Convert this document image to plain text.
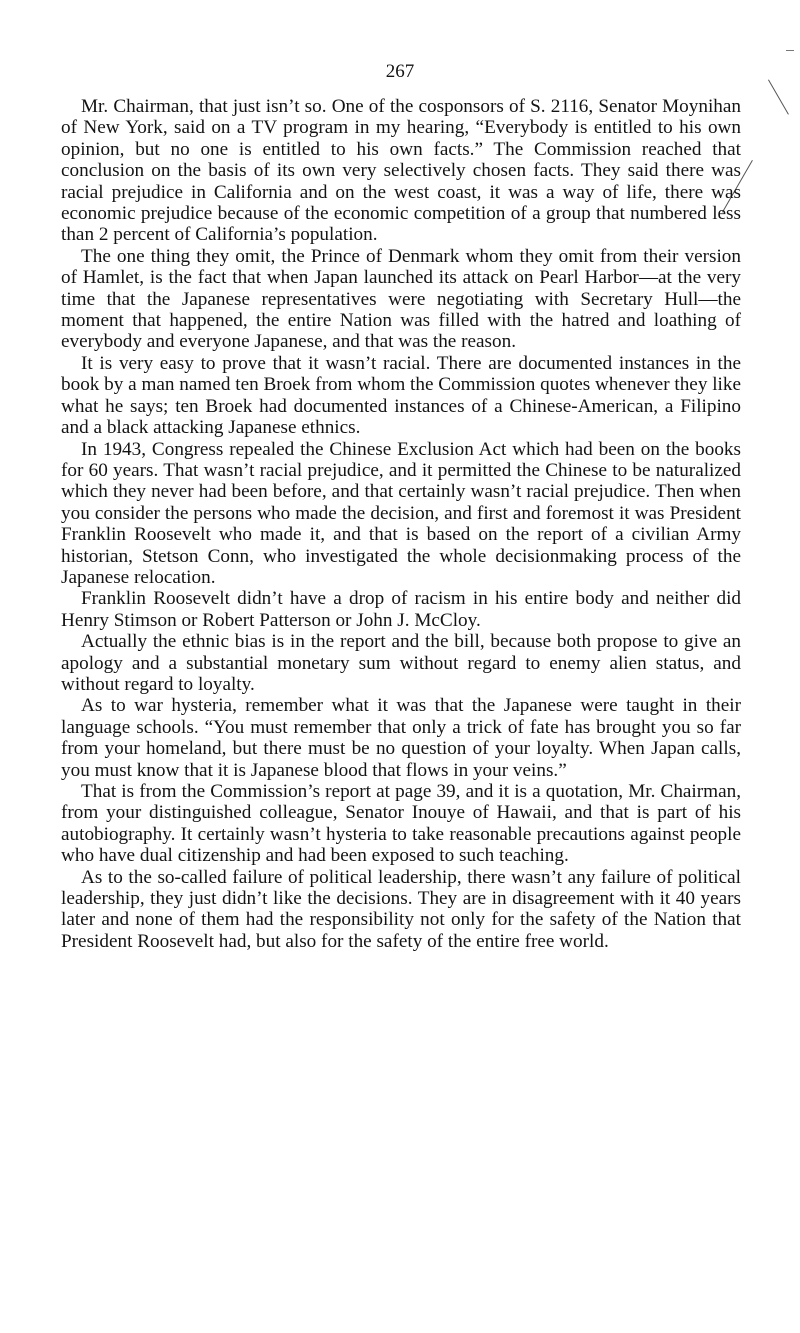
267

Mr. Chairman, that just isn’t so. One of the cosponsors of S. 2116, Senator Moynihan of New York, said on a TV program in my hearing, “Everybody is entitled to his own opinion, but no one is entitled to his own facts.” The Commission reached that conclusion on the basis of its own very selectively chosen facts. They said there was racial prejudice in California and on the west coast, it was a way of life, there was economic prejudice because of the economic competition of a group that numbered less than 2 percent of California’s population.

The one thing they omit, the Prince of Denmark whom they omit from their version of Hamlet, is the fact that when Japan launched its attack on Pearl Harbor—at the very time that the Japanese representatives were negotiating with Secretary Hull—the moment that happened, the entire Nation was filled with the hatred and loathing of everybody and everyone Japanese, and that was the reason.

It is very easy to prove that it wasn’t racial. There are documented instances in the book by a man named ten Broek from whom the Commission quotes whenever they like what he says; ten Broek had documented instances of a Chinese-American, a Filipino and a black attacking Japanese ethnics.

In 1943, Congress repealed the Chinese Exclusion Act which had been on the books for 60 years. That wasn’t racial prejudice, and it permitted the Chinese to be naturalized which they never had been before, and that certainly wasn’t racial prejudice. Then when you consider the persons who made the decision, and first and foremost it was President Franklin Roosevelt who made it, and that is based on the report of a civilian Army historian, Stetson Conn, who investigated the whole decisionmaking process of the Japanese relocation.

Franklin Roosevelt didn’t have a drop of racism in his entire body and neither did Henry Stimson or Robert Patterson or John J. McCloy.

Actually the ethnic bias is in the report and the bill, because both propose to give an apology and a substantial monetary sum without regard to enemy alien status, and without regard to loyalty.

As to war hysteria, remember what it was that the Japanese were taught in their language schools. “You must remember that only a trick of fate has brought you so far from your homeland, but there must be no question of your loyalty. When Japan calls, you must know that it is Japanese blood that flows in your veins.”

That is from the Commission’s report at page 39, and it is a quotation, Mr. Chairman, from your distinguished colleague, Senator Inouye of Hawaii, and that is part of his autobiography. It certainly wasn’t hysteria to take reasonable precautions against people who have dual citizenship and had been exposed to such teaching.

As to the so-called failure of political leadership, there wasn’t any failure of political leadership, they just didn’t like the decisions. They are in disagreement with it 40 years later and none of them had the responsibility not only for the safety of the Nation that President Roosevelt had, but also for the safety of the entire free world.
